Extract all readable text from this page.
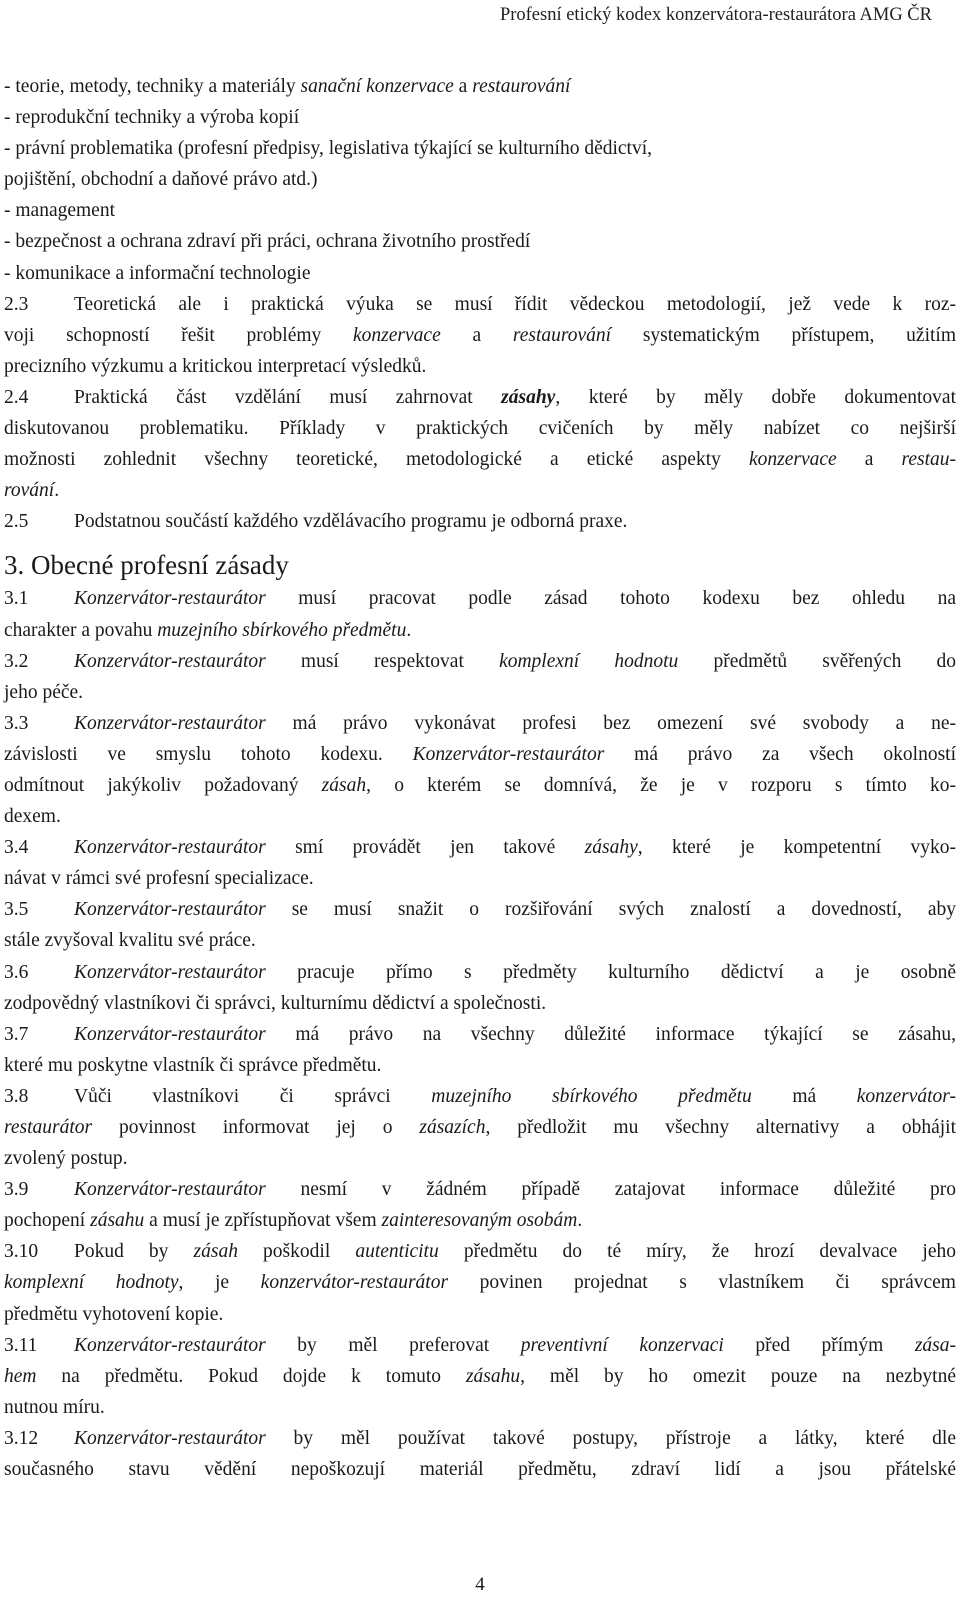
Profesní etický kodex konzervátora-restaurátora AMG ČR
- teorie, metody, techniky a materiály sanační konzervace a restaurování
- reprodukční techniky a výroba kopií
- právní problematika (profesní předpisy, legislativa týkající se kulturního dědictví,
pojištění, obchodní a daňové právo atd.)
- management
- bezpečnost a ochrana zdraví při práci, ochrana životního prostředí
- komunikace a informační technologie
2.3 Teoretická ale i praktická výuka se musí řídit vědeckou metodologií, jež vede k roz-
voji schopností řešit problémy konzervace a restaurování systematickým přístupem, užitím
precizního výzkumu a kritickou interpretací výsledků.
2.4 Praktická část vzdělání musí zahrnovat zásahy, které by měly dobře dokumentovat
diskutovanou problematiku. Příklady v praktických cvičeních by měly nabízet co nejširší
možnosti zohlednit všechny teoretické, metodologické a etické aspekty konzervace a restau-
rování.
2.5 Podstatnou součástí každého vzdělávacího programu je odborná praxe.
3. Obecné profesní zásady
3.1 Konzervátor-restaurátor musí pracovat podle zásad tohoto kodexu bez ohledu na
charakter a povahu muzejního sbírkového předmětu.
3.2 Konzervátor-restaurátor musí respektovat komplexní hodnotu předmětů svěřených do
jeho péče.
3.3 Konzervátor-restaurátor má právo vykonávat profesi bez omezení své svobody a ne-
závislosti ve smyslu tohoto kodexu. Konzervátor-restaurátor má právo za všech okolností
odmítnout jakýkoliv požadovaný zásah, o kterém se domnívá, že je v rozporu s tímto ko-
dexem.
3.4 Konzervátor-restaurátor smí provádět jen takové zásahy, které je kompetentní vyko-
návat v rámci své profesní specializace.
3.5 Konzervátor-restaurátor se musí snažit o rozšiřování svých znalostí a dovedností, aby
stále zvyšoval kvalitu své práce.
3.6 Konzervátor-restaurátor pracuje přímo s předměty kulturního dědictví a je osobně
zodpovědný vlastníkovi či správci, kulturnímu dědictví a společnosti.
3.7 Konzervátor-restaurátor má právo na všechny důležité informace týkající se zásahu,
které mu poskytne vlastník či správce předmětu.
3.8 Vůči vlastníkovi či správci muzejního sbírkového předmětu má konzervátor-
restaurátor povinnost informovat jej o zásazích, předložit mu všechny alternativy a obhájit
zvolený postup.
3.9 Konzervátor-restaurátor nesmí v žádném případě zatajovat informace důležité pro
pochopení zásahu a musí je zpřístupňovat všem zainteresovaným osobám.
3.10 Pokud by zásah poškodil autenticitu předmětu do té míry, že hrozí devalvace jeho
komplexní hodnoty, je konzervátor-restaurátor povinen projednat s vlastníkem či správcem
předmětu vyhotovení kopie.
3.11 Konzervátor-restaurátor by měl preferovat preventivní konzervaci před přímým zása-
hem na předmětu. Pokud dojde k tomuto zásahu, měl by ho omezit pouze na nezbytné
nutnou míru.
3.12 Konzervátor-restaurátor by měl používat takové postupy, přístroje a látky, které dle
současného stavu vědění nepoškozují materiál předmětu, zdraví lidí a jsou přátelské
4
